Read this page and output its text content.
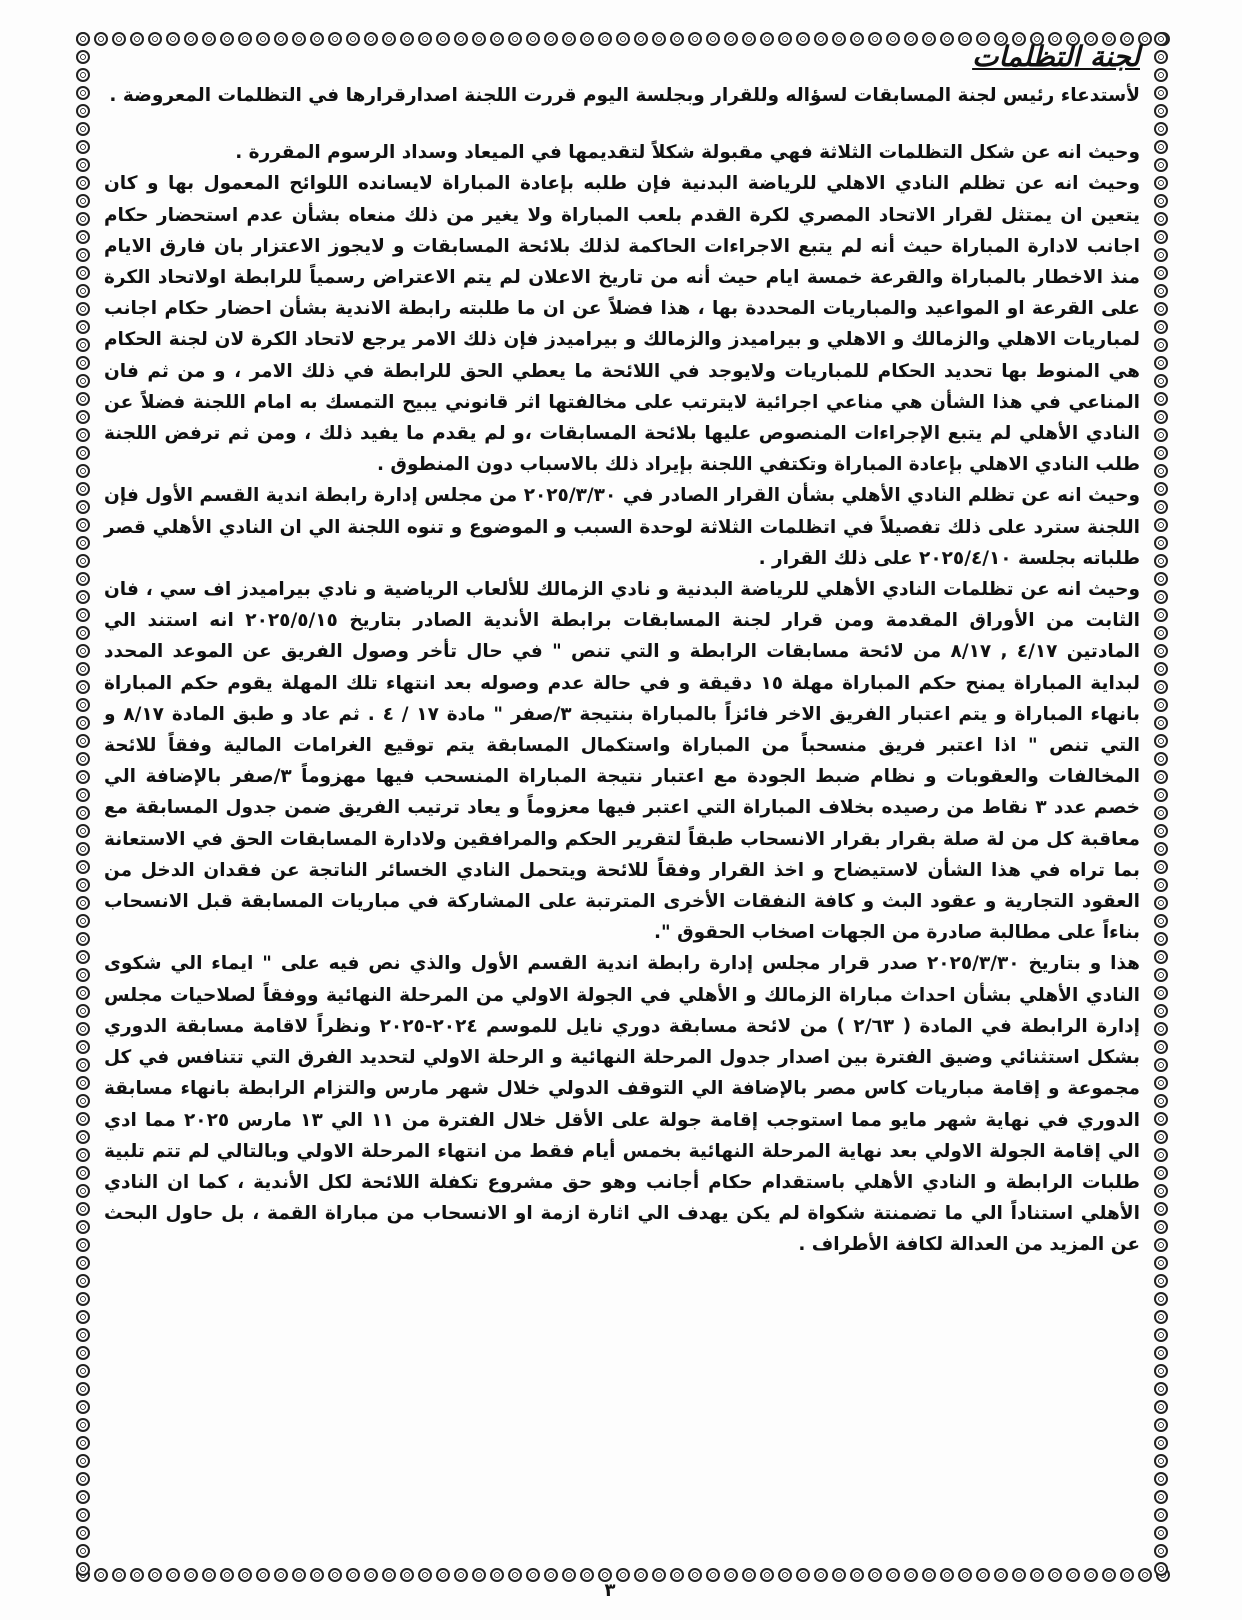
لجنة التظلمات

لأستدعاء رئيس لجنة المسابقات لسؤاله وللقرار وبجلسة اليوم قررت اللجنة اصدارقرارها في التظلمات المعروضة .

وحيث انه عن شكل التظلمات الثلاثة فهي مقبولة شكلاً لتقديمها في الميعاد وسداد الرسوم المقررة .

وحيث انه عن تظلم النادي الاهلي للرياضة البدنية فإن طلبه بإعادة المباراة لايسانده اللوائح المعمول بها و كان يتعين ان يمتثل لقرار الاتحاد المصري لكرة القدم بلعب المباراة ولا يغير من ذلك منعاه بشأن عدم استحضار حكام اجانب لادارة المباراة حيث أنه لم يتبع الاجراءات الحاكمة لذلك بلائحة المسابقات و لايجوز الاعتزار بان فارق الايام منذ الاخطار بالمباراة والقرعة خمسة ايام حيث أنه من تاريخ الاعلان لم يتم الاعتراض رسمياً للرابطة اولاتحاد الكرة على القرعة او المواعيد والمباريات المحددة بها ، هذا فضلاً عن ان ما طلبته رابطة الاندية بشأن احضار حكام اجانب لمباريات الاهلي والزمالك و الاهلي و بيراميدز والزمالك و بيراميدز فإن ذلك الامر يرجع لاتحاد الكرة لان لجنة الحكام هي المنوط بها تحديد الحكام للمباريات ولايوجد في اللائحة ما يعطي الحق للرابطة في ذلك الامر ، و من ثم فان المناعي في هذا الشأن هي مناعي اجرائية لايترتب على مخالفتها اثر قانوني يبيح التمسك به امام اللجنة فضلاً عن النادي الأهلي لم يتبع الإجراءات المنصوص عليها بلائحة المسابقات ،و لم يقدم ما يفيد ذلك ، ومن ثم ترفض اللجنة طلب النادي الاهلي بإعادة المباراة وتكتفي اللجنة بإيراد ذلك بالاسباب دون المنطوق .

وحيث انه عن تظلم النادي الأهلي بشأن القرار الصادر في ٢٠٢٥/٣/٣٠ من مجلس إدارة رابطة اندية القسم الأول فإن اللجنة سترد على ذلك تفصيلاً في اتظلمات الثلاثة لوحدة السبب و الموضوع و تنوه اللجنة الي ان النادي الأهلي قصر طلباته بجلسة ٢٠٢٥/٤/١٠ على ذلك القرار .

وحيث انه عن تظلمات النادي الأهلي للرياضة البدنية و نادي الزمالك للألعاب الرياضية و نادي بيراميدز اف سي ، فان الثابت من الأوراق المقدمة ومن قرار لجنة المسابقات برابطة الأندية الصادر بتاريخ ٢٠٢٥/٥/١٥ انه استند الي المادتين ٤/١٧ , ٨/١٧ من لائحة مسابقات الرابطة و التي تنص " في حال تأخر وصول الفريق عن الموعد المحدد لبداية المباراة يمنح حكم المباراة مهلة ١٥ دقيقة و في حالة عدم وصوله بعد انتهاء تلك المهلة يقوم حكم المباراة بانهاء المباراة و يتم اعتبار الفريق الاخر فائزاً بالمباراة بنتيجة ٣/صفر " مادة ١٧ / ٤ . ثم عاد و طبق المادة ٨/١٧ و التي تنص " اذا اعتبر فريق منسحباً من المباراة واستكمال المسابقة يتم توقيع الغرامات المالية وفقاً للائحة المخالفات والعقوبات و نظام ضبط الجودة مع اعتبار نتيجة المباراة المنسحب فيها مهزوماً ٣/صفر بالإضافة الي خصم عدد ٣ نقاط من رصيده بخلاف المباراة التي اعتبر فيها معزوماً و يعاد ترتيب الفريق ضمن جدول المسابقة مع معاقبة كل من لة صلة بقرار بقرار الانسحاب طبقاً لتقرير الحكم والمرافقين ولادارة المسابقات الحق في الاستعانة بما تراه في هذا الشأن لاستيضاح و اخذ القرار وفقاً للائحة ويتحمل النادي الخسائر الناتجة عن فقدان الدخل من العقود التجارية و عقود البث و كافة النفقات الأخرى المترتبة على المشاركة في مباريات المسابقة قبل الانسحاب بناءاً على مطالبة صادرة من الجهات اصخاب الحقوق ".

هذا و بتاريخ ٢٠٢٥/٣/٣٠ صدر قرار مجلس إدارة رابطة اندية القسم الأول والذي نص فيه على " ايماء الي شكوى النادي الأهلي بشأن احداث مباراة الزمالك و الأهلي في الجولة الاولي من المرحلة النهائية ووفقاً لصلاحيات مجلس إدارة الرابطة في المادة ( ٢/٦٣ ) من لائحة مسابقة دوري نايل للموسم ٢٠٢٤-٢٠٢٥ ونظراً لاقامة مسابقة الدوري بشكل استثنائي وضيق الفترة بين اصدار جدول المرحلة النهائية و الرحلة الاولي لتحديد الفرق التي تتنافس في كل مجموعة و إقامة مباريات كاس مصر بالإضافة الي التوقف الدولي خلال شهر مارس والتزام الرابطة بانهاء مسابقة الدوري في نهاية شهر مايو مما استوجب إقامة جولة على الأقل خلال الفترة من ١١ الي ١٣ مارس ٢٠٢٥ مما ادي الي إقامة الجولة الاولي بعد نهاية المرحلة النهائية بخمس أيام فقط من انتهاء المرحلة الاولي وبالتالي لم تتم تلبية طلبات الرابطة و النادي الأهلي باستقدام حكام أجانب وهو حق مشروع تكفلة اللائحة لكل الأندية ، كما ان النادي الأهلي استناداً الي ما تضمنتة شكواة لم يكن يهدف الي اثارة ازمة او الانسحاب من مباراة القمة ، بل حاول البحث عن المزيد من العدالة لكافة الأطراف .

٣
